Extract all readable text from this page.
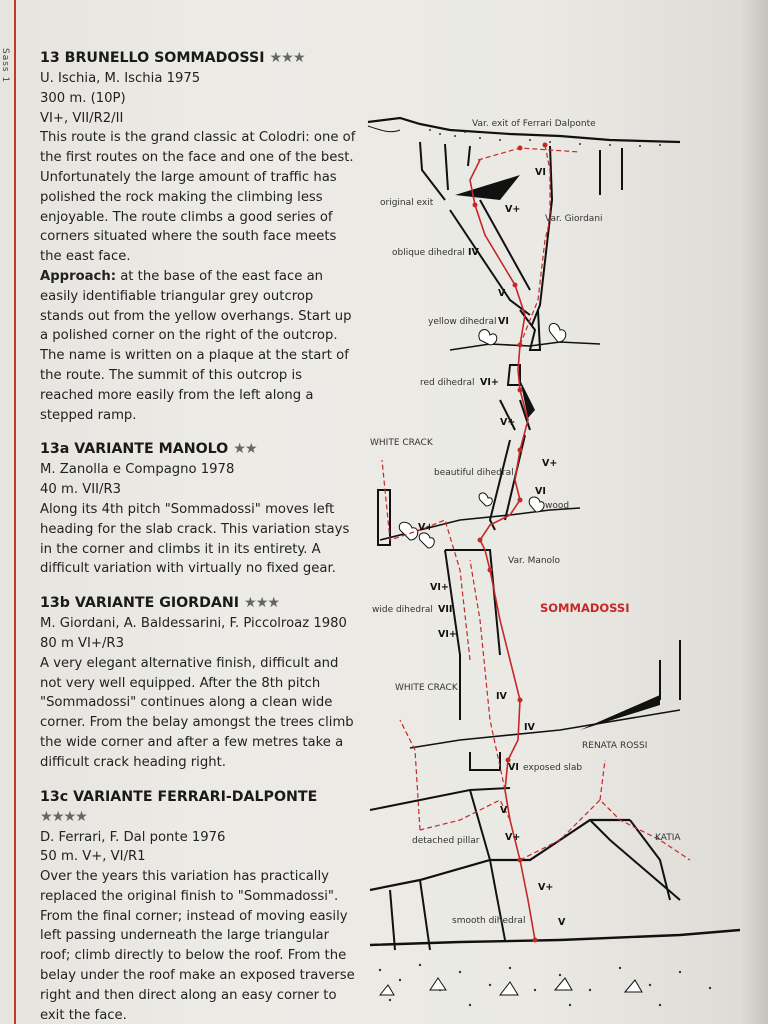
Sass 1 13 BRUNELLO SOMMADOSSI ★★★

U. Ischia, M. Ischia 1975

300 m. (10P)

VI+, VII/R2/II

This route is the grand classic at Colodri: one of the first routes on the face and one of the best. Unfortunately the large amount of traffic has polished the rock making the climbing less enjoyable. The route climbs a good series of corners situated where the south face meets the east face.

Approach: at the base of the east face an easily identifiable triangular grey outcrop stands out from the yellow overhangs. Start up a polished corner on the right of the outcrop. The name is written on a plaque at the start of the route. The summit of this outcrop is reached more easily from the left along a stepped ramp.

13a VARIANTE MANOLO ★★

M. Zanolla e Compagno 1978

40 m. VII/R3

Along its 4th pitch "Sommadossi" moves left heading for the slab crack. This variation stays in the corner and climbs it in its entirety. A difficult variation with virtually no fixed gear.

13b VARIANTE GIORDANI ★★★

M. Giordani, A. Baldessarini, F. Piccolroaz 1980

80 m VI+/R3

A very elegant alternative finish, difficult and not very well equipped. After the 8th pitch "Sommadossi" continues along a clean wide corner. From the belay amongst the trees climb the wide corner and after a few metres take a difficult crack heading right.

13c VARIANTE FERRARI-DALPONTE ★★★★

D. Ferrari, F. Dal ponte 1976

50 m. V+, VI/R1

Over the years this variation has practically replaced the original finish to "Sommadossi". From the final corner; instead of moving easily left passing underneath the large triangular roof; climb directly to below the roof. From the belay under the roof make an exposed traverse right and then direct along an easy corner to exit the face.

Var. exit of Ferrari Dalponte
original exit
Var. Giordani
oblique dihedral
yellow dihedral
red dihedral
WHITE CRACK
beautiful dihedral
wood
Var. Manolo
wide dihedral	SOMMADOSSI
WHITE CRACK
RENATA ROSSI
exposed slab
detached pillar	KATIA
smooth dihedral
VI
V+
IV
V
VI
VI+
V+
V+
VI
V+
VI+
VII
VI+
IV
IV
VI
V
V+
V+
V
